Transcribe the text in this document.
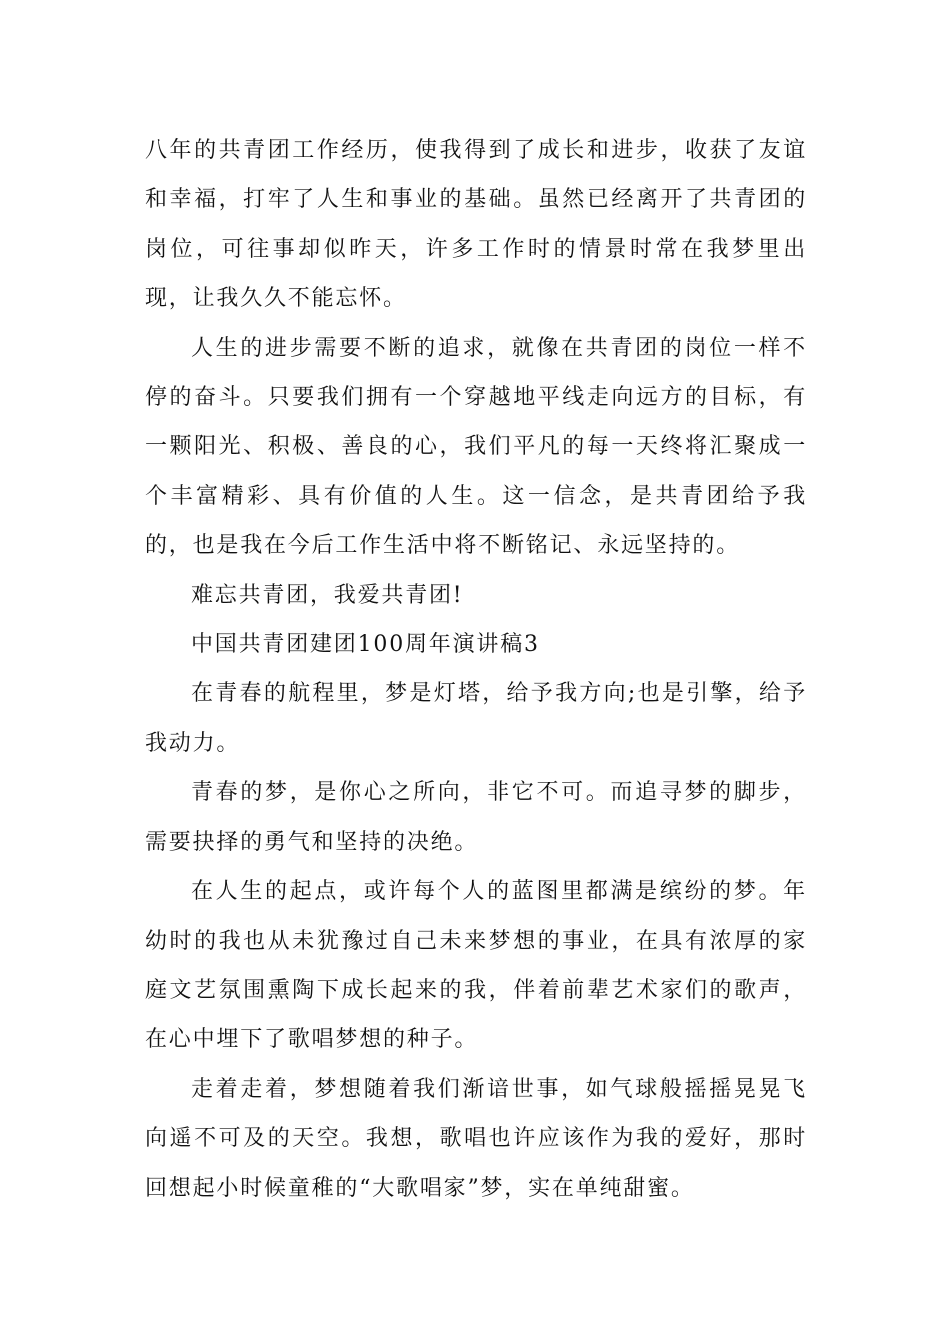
八年的共青团工作经历，使我得到了成长和进步，收获了友谊和幸福，打牢了人生和事业的基础。虽然已经离开了共青团的岗位，可往事却似昨天，许多工作时的情景时常在我梦里出现，让我久久不能忘怀。

人生的进步需要不断的追求，就像在共青团的岗位一样不停的奋斗。只要我们拥有一个穿越地平线走向远方的目标，有一颗阳光、积极、善良的心，我们平凡的每一天终将汇聚成一个丰富精彩、具有价值的人生。这一信念，是共青团给予我的，也是我在今后工作生活中将不断铭记、永远坚持的。

难忘共青团，我爱共青团!

中国共青团建团100周年演讲稿3

在青春的航程里，梦是灯塔，给予我方向;也是引擎，给予我动力。

青春的梦，是你心之所向，非它不可。而追寻梦的脚步，需要抉择的勇气和坚持的决绝。

在人生的起点，或许每个人的蓝图里都满是缤纷的梦。年幼时的我也从未犹豫过自己未来梦想的事业，在具有浓厚的家庭文艺氛围熏陶下成长起来的我，伴着前辈艺术家们的歌声，在心中埋下了歌唱梦想的种子。

走着走着，梦想随着我们渐谙世事，如气球般摇摇晃晃飞向遥不可及的天空。我想，歌唱也许应该作为我的爱好，那时回想起小时候童稚的“大歌唱家”梦，实在单纯甜蜜。
